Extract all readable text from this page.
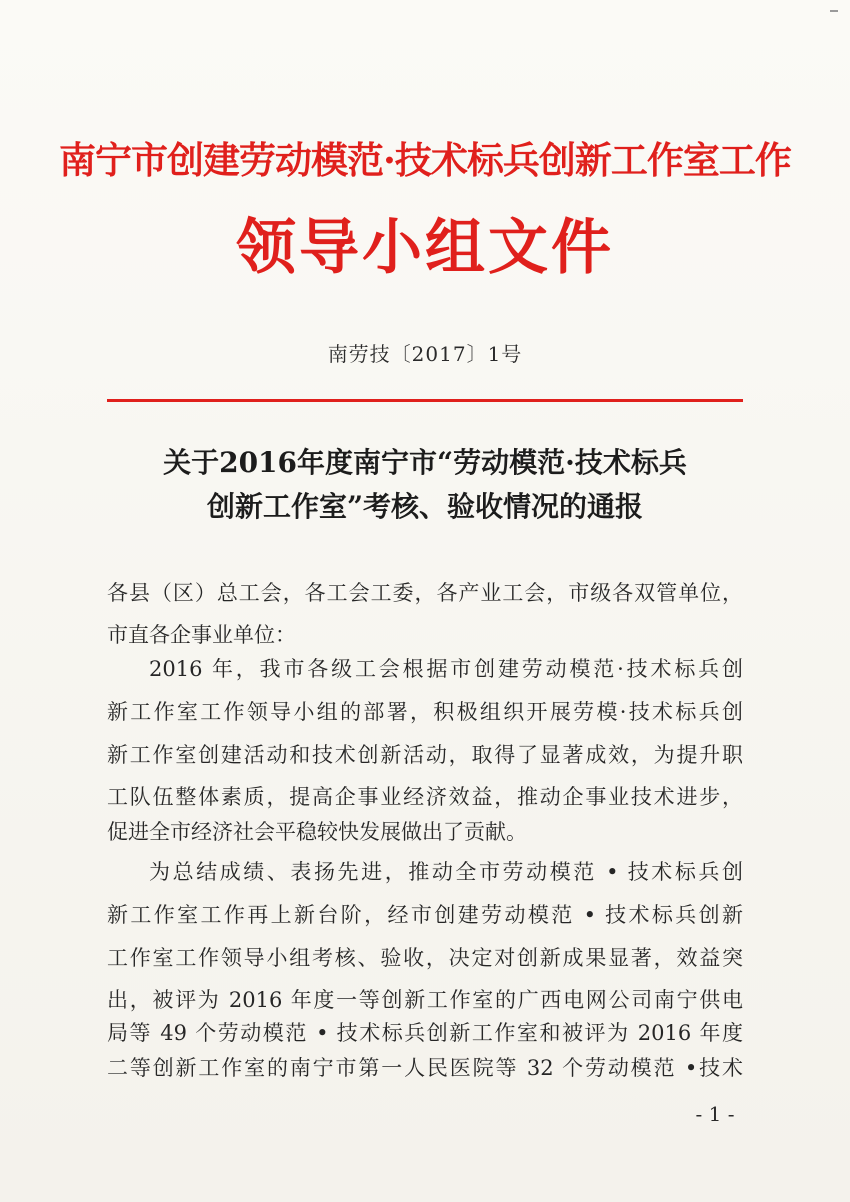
南宁市创建劳动模范·技术标兵创新工作室工作
领导小组文件
南劳技〔2017〕1号
关于2016年度南宁市“劳动模范·技术标兵
创新工作室”考核、验收情况的通报
各县（区）总工会，各工会工委，各产业工会，市级各双管单位，
市直各企事业单位：
2016 年，我市各级工会根据市创建劳动模范·技术标兵创
新工作室工作领导小组的部署，积极组织开展劳模·技术标兵创
新工作室创建活动和技术创新活动，取得了显著成效，为提升职
工队伍整体素质，提高企事业经济效益，推动企事业技术进步，
促进全市经济社会平稳较快发展做出了贡献。
为总结成绩、表扬先进，推动全市劳动模范 • 技术标兵创
新工作室工作再上新台阶，经市创建劳动模范 • 技术标兵创新
工作室工作领导小组考核、验收，决定对创新成果显著，效益突
出，被评为 2016 年度一等创新工作室的广西电网公司南宁供电
局等 49 个劳动模范 • 技术标兵创新工作室和被评为 2016 年度
二等创新工作室的南宁市第一人民医院等 32 个劳动模范 •技术
- 1 -
